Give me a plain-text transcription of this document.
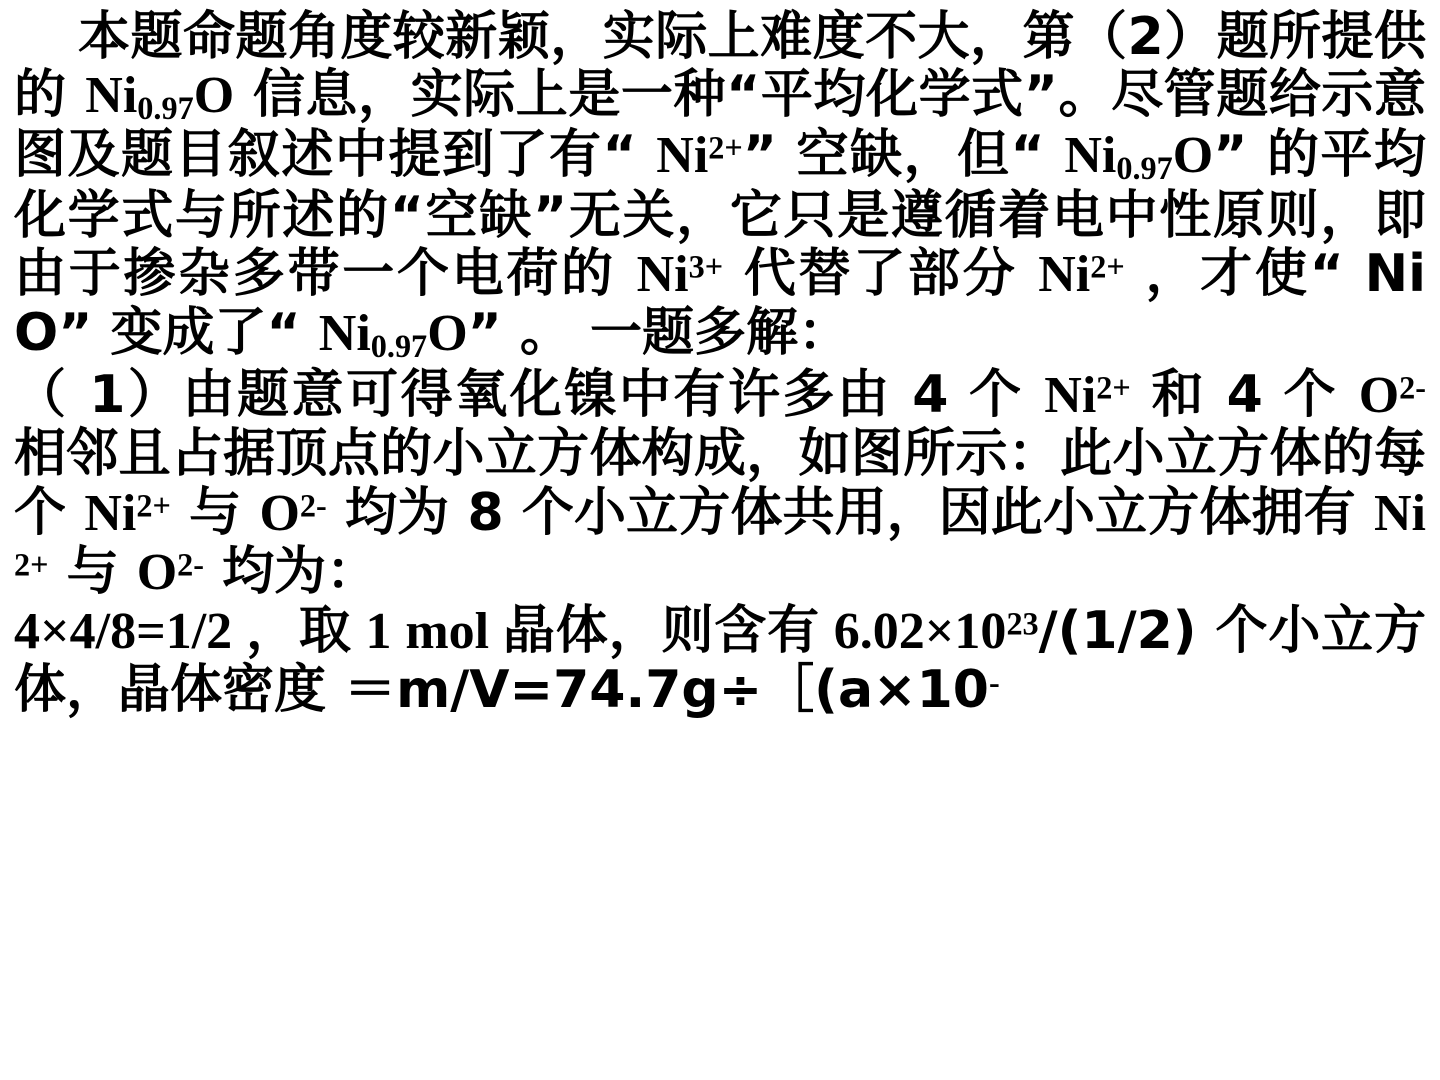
本题命题角度较新颖，实际上难度不大，第（2）题所提供的 $Ni_{0.97}O$ 信息，实际上是一种“平均化学式”。尽管题给示意图及题目叙述中提到了有“ $Ni^{2+}$” 空缺，但“ $Ni_{0.97}O$” 的平均化学式与所述的“空缺”无关，它只是遵循着电中性原则，即由于掺杂多带一个电荷的 $Ni^{3+}$ 代替了部分 $Ni^{2+}$ ，才使“ NiO” 变成了“ $Ni_{0.97}O$” 。 一题多解：

（ 1）由题意可得氧化镍中有许多由 4 个 $Ni^{2+}$ 和 4 个 $O^{2-}$ 相邻且占据顶点的小立方体构成，如图所示：此小立方体的每个 $Ni^{2+}$ 与 $O^{2-}$ 均为 8 个小立方体共用，因此小立方体拥有 $Ni^{2+}$ 与 $O^{2-}$ 均为：

4×4/8=1/2 ，取 1 mol 晶体，则含有 $6.02\times 10^{23}/(1/2)$ 个小立方体，晶体密度 ＝m/V=74.7g÷［(a×10-
